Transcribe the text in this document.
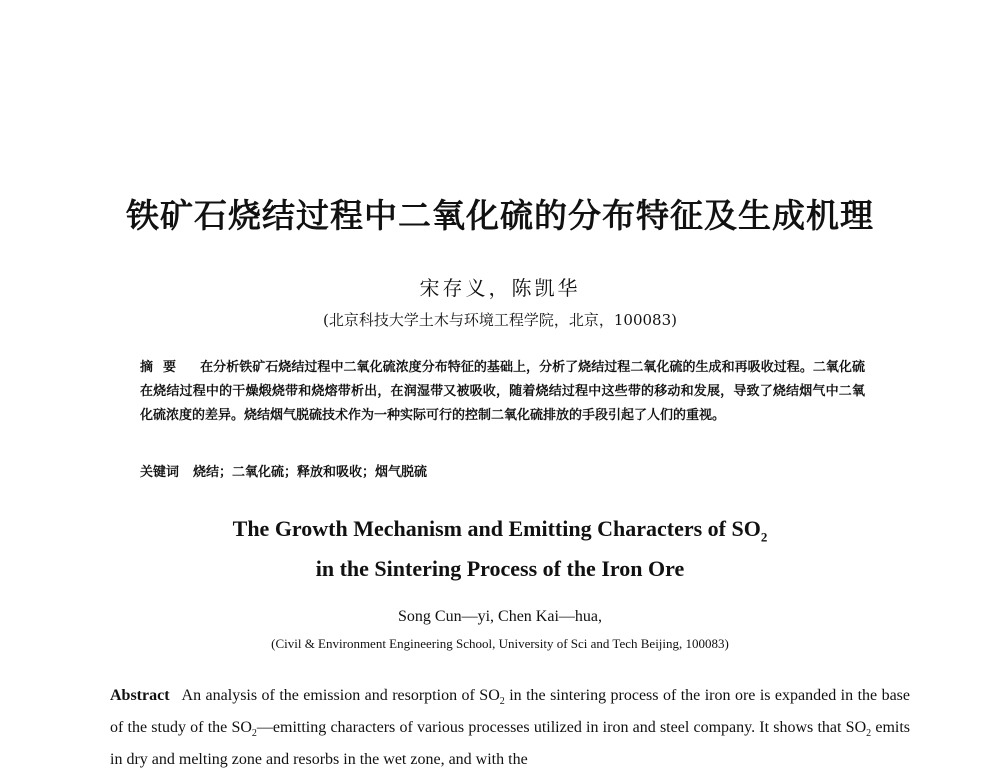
铁矿石烧结过程中二氧化硫的分布特征及生成机理
宋存义，陈凯华
(北京科技大学土木与环境工程学院，北京，100083)
摘要 在分析铁矿石烧结过程中二氧化硫浓度分布特征的基础上，分析了烧结过程二氧化硫的生成和再吸收过程。二氧化硫在烧结过程中的干燥煅烧带和烧熔带析出，在润湿带又被吸收，随着烧结过程中这些带的移动和发展，导致了烧结烟气中二氧化硫浓度的差异。烧结烟气脱硫技术作为一种实际可行的控制二氧化硫排放的手段引起了人们的重视。
关键词 烧结；二氧化硫；释放和吸收；烟气脱硫
The Growth Mechanism and Emitting Characters of $SO_2$
in the Sintering Process of the Iron Ore
Song Cun—yi, Chen Kai—hua,
(Civil & Environment Engineering School, University of Sci and Tech Beijing, 100083)
Abstract An analysis of the emission and resorption of $SO_2$ in the sintering process of the iron ore is expanded in the base of the study of the $SO_2—emitting$ characters of various processes utilized in iron and steel company. It shows that $SO_2$ emits in dry and melting zone and resorbs in the wet zone, and with the
